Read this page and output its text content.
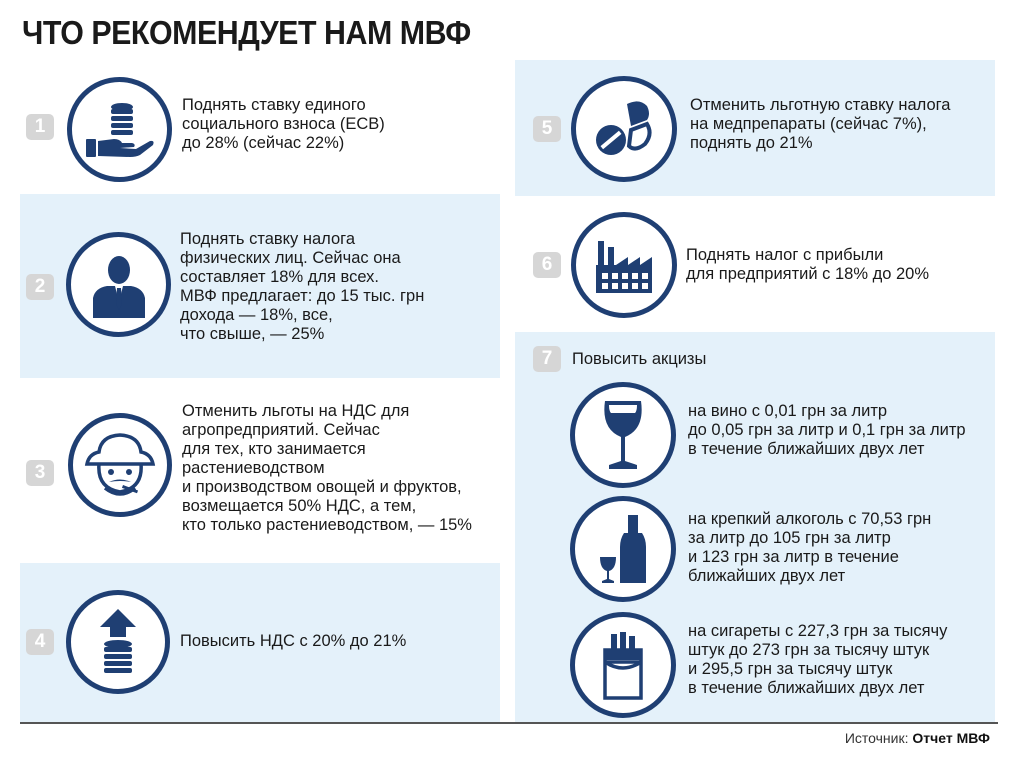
ЧТО РЕКОМЕНДУЕТ НАМ МВФ
1
Поднять ставку единого
социального взноса (ЕСВ)
до 28% (сейчас 22%)
2
Поднять ставку налога
физических лиц. Сейчас она
составляет 18% для всех.
МВФ предлагает: до 15 тыс. грн
дохода — 18%, все,
что свыше, — 25%
3
Отменить льготы на НДС для
агропредприятий. Сейчас
для тех, кто занимается
растениеводством
и производством овощей и фруктов,
возмещается 50% НДС, а тем,
кто только растениеводством, — 15%
4	Повысить НДС с 20% до 21%
5
Отменить льготную ставку налога
на медпрепараты (сейчас 7%),
поднять до 21%
6	Поднять налог с прибыли
для предприятий с 18% до 20%
7	Повысить акцизы
на вино с 0,01 грн за литр
до 0,05 грн за литр и 0,1 грн за литр
в течение ближайших двух лет
на крепкий алкоголь с 70,53 грн
за литр до 105 грн за литр
и 123 грн за литр в течение
ближайших двух лет
на сигареты с 227,3 грн за тысячу
штук до 273 грн за тысячу штук
и 295,5 грн за тысячу штук
в течение ближайших двух лет
Источник: Отчет МВФ
